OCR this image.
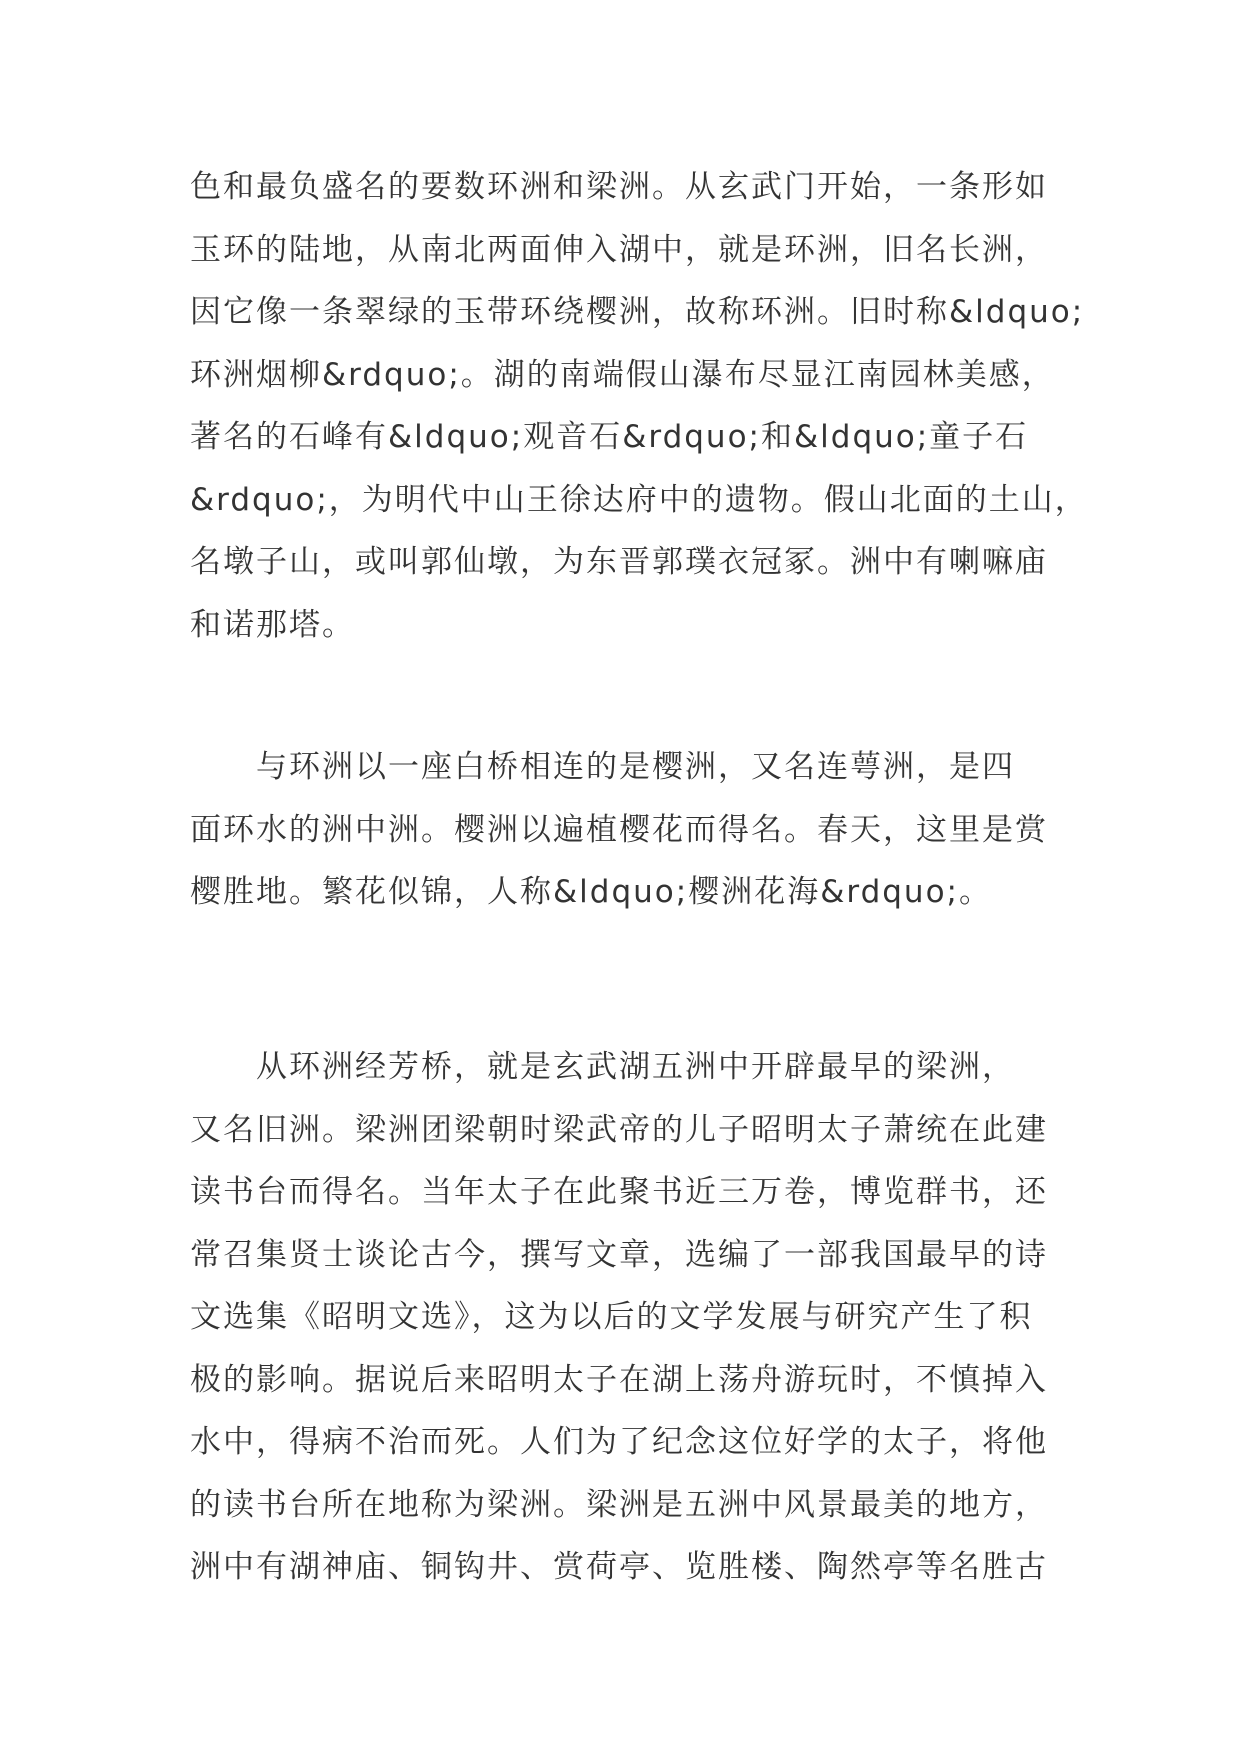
色和最负盛名的要数环洲和梁洲。从玄武门开始，一条形如
玉环的陆地，从南北两面伸入湖中，就是环洲，旧名长洲，
因它像一条翠绿的玉带环绕樱洲，故称环洲。旧时称&ldquo;
环洲烟柳&rdquo;。湖的南端假山瀑布尽显江南园林美感，
著名的石峰有&ldquo;观音石&rdquo;和&ldquo;童子石
&rdquo;，为明代中山王徐达府中的遗物。假山北面的土山，
名墩子山，或叫郭仙墩，为东晋郭璞衣冠冢。洲中有喇嘛庙
和诺那塔。
　　与环洲以一座白桥相连的是樱洲，又名连萼洲，是四
面环水的洲中洲。樱洲以遍植樱花而得名。春天，这里是赏
樱胜地。繁花似锦，人称&ldquo;樱洲花海&rdquo;。
　　从环洲经芳桥，就是玄武湖五洲中开辟最早的梁洲，
又名旧洲。梁洲团梁朝时梁武帝的儿子昭明太子萧统在此建
读书台而得名。当年太子在此聚书近三万卷，博览群书，还
常召集贤士谈论古今，撰写文章，选编了一部我国最早的诗
文选集《昭明文选》，这为以后的文学发展与研究产生了积
极的影响。据说后来昭明太子在湖上荡舟游玩时，不慎掉入
水中，得病不治而死。人们为了纪念这位好学的太子，将他
的读书台所在地称为梁洲。梁洲是五洲中风景最美的地方，
洲中有湖神庙、铜钩井、赏荷亭、览胜楼、陶然亭等名胜古
